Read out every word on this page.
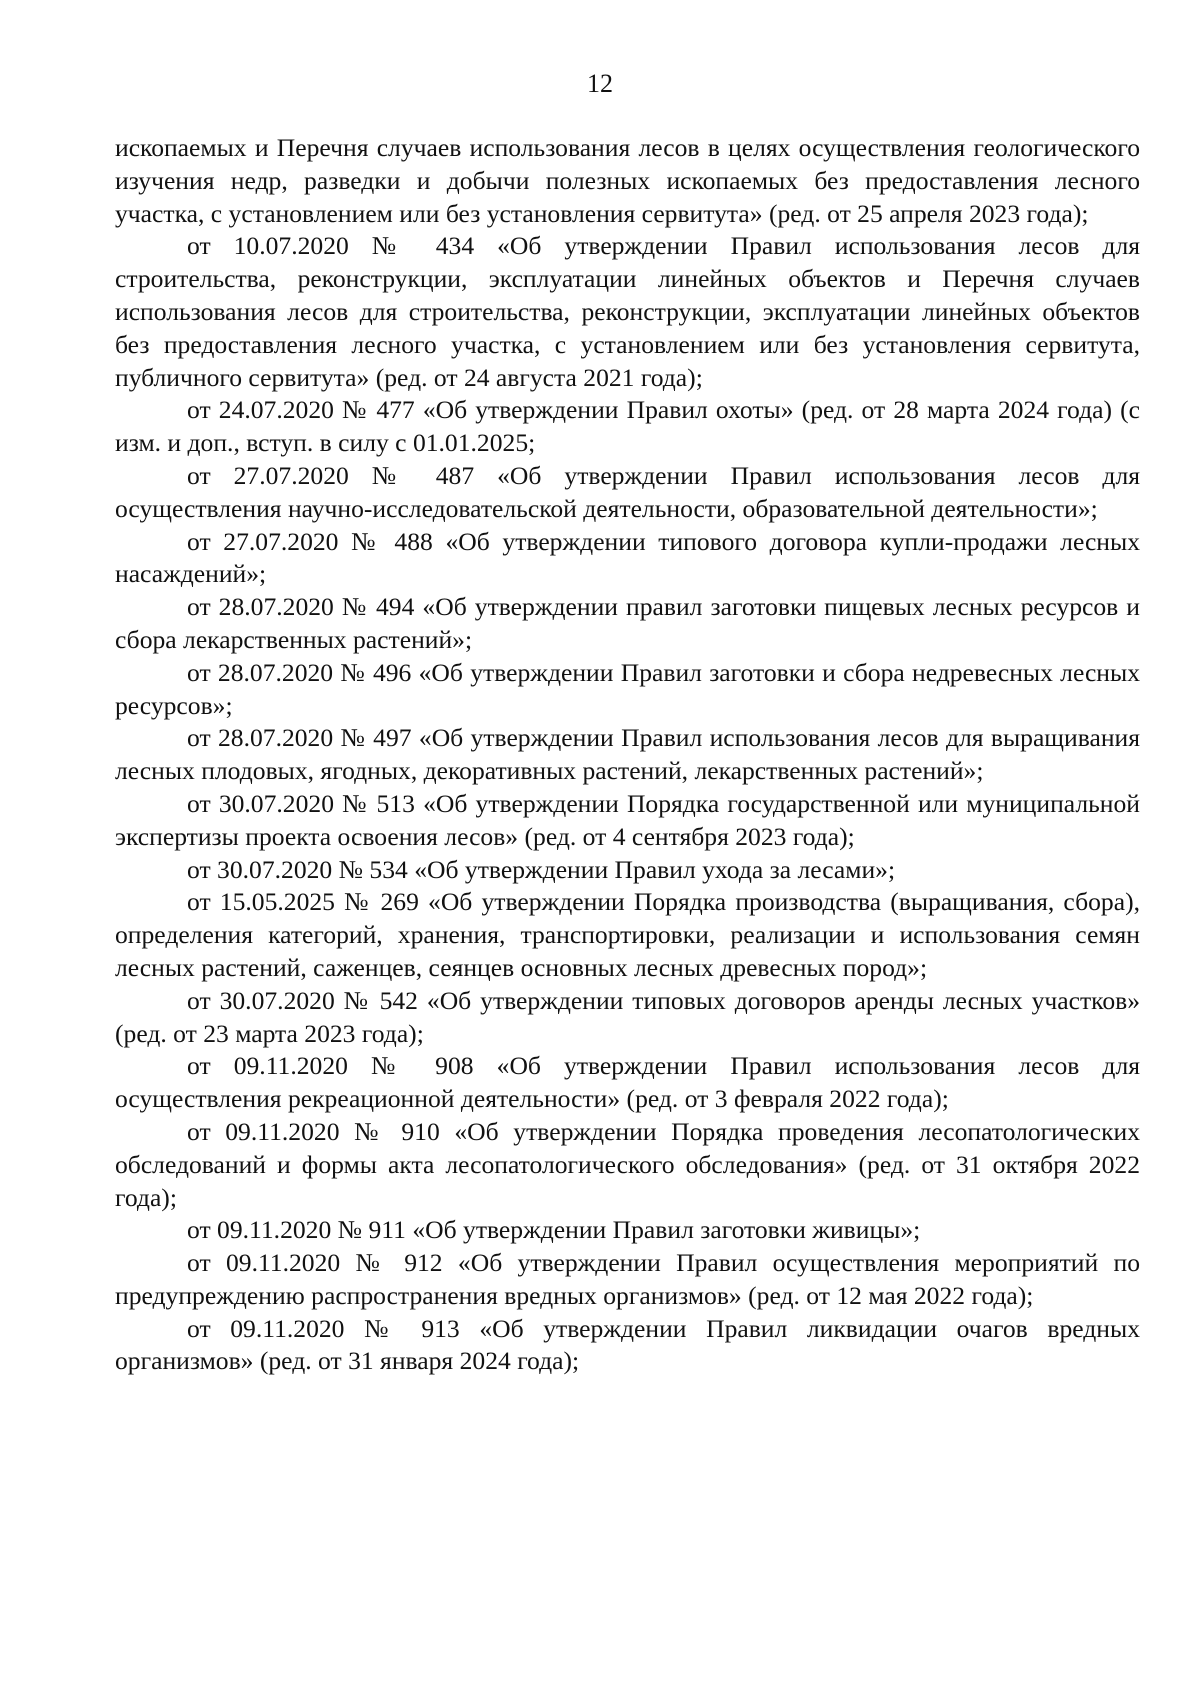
12

ископаемых и Перечня случаев использования лесов в целях осуществления геологического изучения недр, разведки и добычи полезных ископаемых без предоставления лесного участка, с установлением или без установления сервитута» (ред. от 25 апреля 2023 года);

от 10.07.2020 № 434 «Об утверждении Правил использования лесов для строительства, реконструкции, эксплуатации линейных объектов и Перечня случаев использования лесов для строительства, реконструкции, эксплуатации линейных объектов без предоставления лесного участка, с установлением или без установления сервитута, публичного сервитута» (ред. от 24 августа 2021 года);

от 24.07.2020 № 477 «Об утверждении Правил охоты» (ред. от 28 марта 2024 года) (с изм. и доп., вступ. в силу с 01.01.2025;

от 27.07.2020 № 487 «Об утверждении Правил использования лесов для осуществления научно-исследовательской деятельности, образовательной деятельности»;

от 27.07.2020 № 488 «Об утверждении типового договора купли-продажи лесных насаждений»;

от 28.07.2020 № 494 «Об утверждении правил заготовки пищевых лесных ресурсов и сбора лекарственных растений»;

от 28.07.2020 № 496 «Об утверждении Правил заготовки и сбора недревесных лесных ресурсов»;

от 28.07.2020 № 497 «Об утверждении Правил использования лесов для выращивания лесных плодовых, ягодных, декоративных растений, лекарственных растений»;

от 30.07.2020 № 513 «Об утверждении Порядка государственной или муниципальной экспертизы проекта освоения лесов» (ред. от 4 сентября 2023 года);

от 30.07.2020 № 534 «Об утверждении Правил ухода за лесами»;

от 15.05.2025 № 269 «Об утверждении Порядка производства (выращивания, сбора), определения категорий, хранения, транспортировки, реализации и использования семян лесных растений, саженцев, сеянцев основных лесных древесных пород»;

от 30.07.2020 № 542 «Об утверждении типовых договоров аренды лесных участков» (ред. от 23 марта 2023 года);

от 09.11.2020 № 908 «Об утверждении Правил использования лесов для осуществления рекреационной деятельности» (ред. от 3 февраля 2022 года);

от 09.11.2020 № 910 «Об утверждении Порядка проведения лесопатологических обследований и формы акта лесопатологического обследования» (ред. от 31 октября 2022 года);

от 09.11.2020 № 911 «Об утверждении Правил заготовки живицы»;

от 09.11.2020 № 912 «Об утверждении Правил осуществления мероприятий по предупреждению распространения вредных организмов» (ред. от 12 мая 2022 года);

от 09.11.2020 № 913 «Об утверждении Правил ликвидации очагов вредных организмов» (ред. от 31 января 2024 года);
